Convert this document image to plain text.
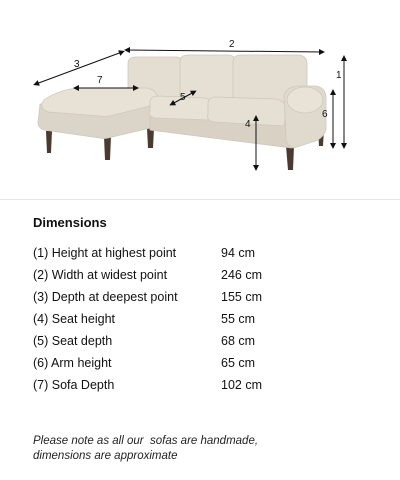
2
3
7
5
4
6
1
Dimensions
(1) Height at highest point	94 cm
(2) Width at widest point	246 cm
(3) Depth at deepest point	155 cm
(4) Seat height	55 cm
(5) Seat depth	68 cm
(6) Arm height	65 cm
(7) Sofa Depth	102 cm
Please note as all our  sofas are handmade,
dimensions are approximate
